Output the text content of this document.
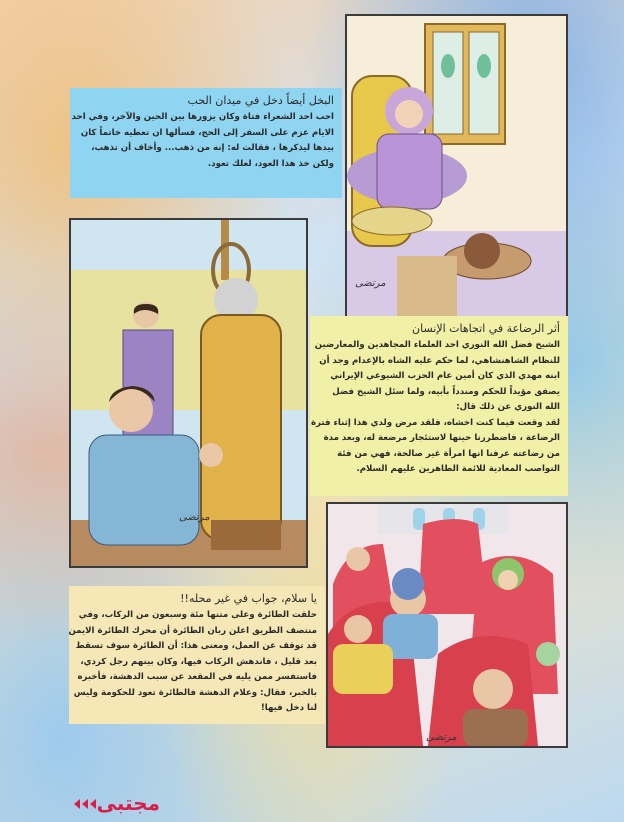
مرتضى
مرتضى
مرتضى

البخل أيضاً دخل في ميدان الحب

احب احد الشعراء فتاة وكان يزورها بين الحين والآخر، وفي احد
الايام عزم على السفر إلى الحج، فسألها ان تعطيه خاتماً كان
بيدها ليذكرها ، فقالت له: إنه من ذهب... وأخاف أن تذهب،
ولكن خذ هذا العود، لعلك تعود.

أثر الرضاعة في اتجاهات الإنسان

الشيخ فضل الله النوري احد العلماء المجاهدين والمعارضين
للنظام الشاهنشاهي، لما حكم عليه الشاه بالإعدام وجد أن
ابنه مهدي الذي كان أمين عام الحزب الشيوعي الإيراني
يصفق مؤيداً للحكم ومندداً بأبيه، ولما سئل الشيخ فضل
الله النوري عن ذلك قال:
لقد وقعت فيما كنت اخشاه، فلقد مرض ولدي هذا إثناء فترة
الرضاعة ، فاضطررنا حينها لاستئجار مرضعة له، وبعد مدة
من رضاعته عرفنا انها امرأة غير صالحة، فهي من فئة
النواصب المعادية للائمة الطاهرين عليهم السلام.

يا سلام، جواب في غير محله!!

حلقت الطائرة وعلى متنها مئة وسبعون من الركاب، وفي
منتصف الطريق اعلن ربان الطائرة أن محرك الطائرة الايمن
قد توقف عن العمل، ومعنى هذا: أن الطائرة سوف تسقط
بعد قليل ، فاندهش الركاب فيها، وكان بينهم رجل كردي،
فاستفسر ممن يليه في المقعد عن سبب الدهشة، فأخبره
بالخبر، فقال: وعلام الدهشة فالطائرة تعود للحكومة وليس
لنا دخل فيها!

مجتبى
